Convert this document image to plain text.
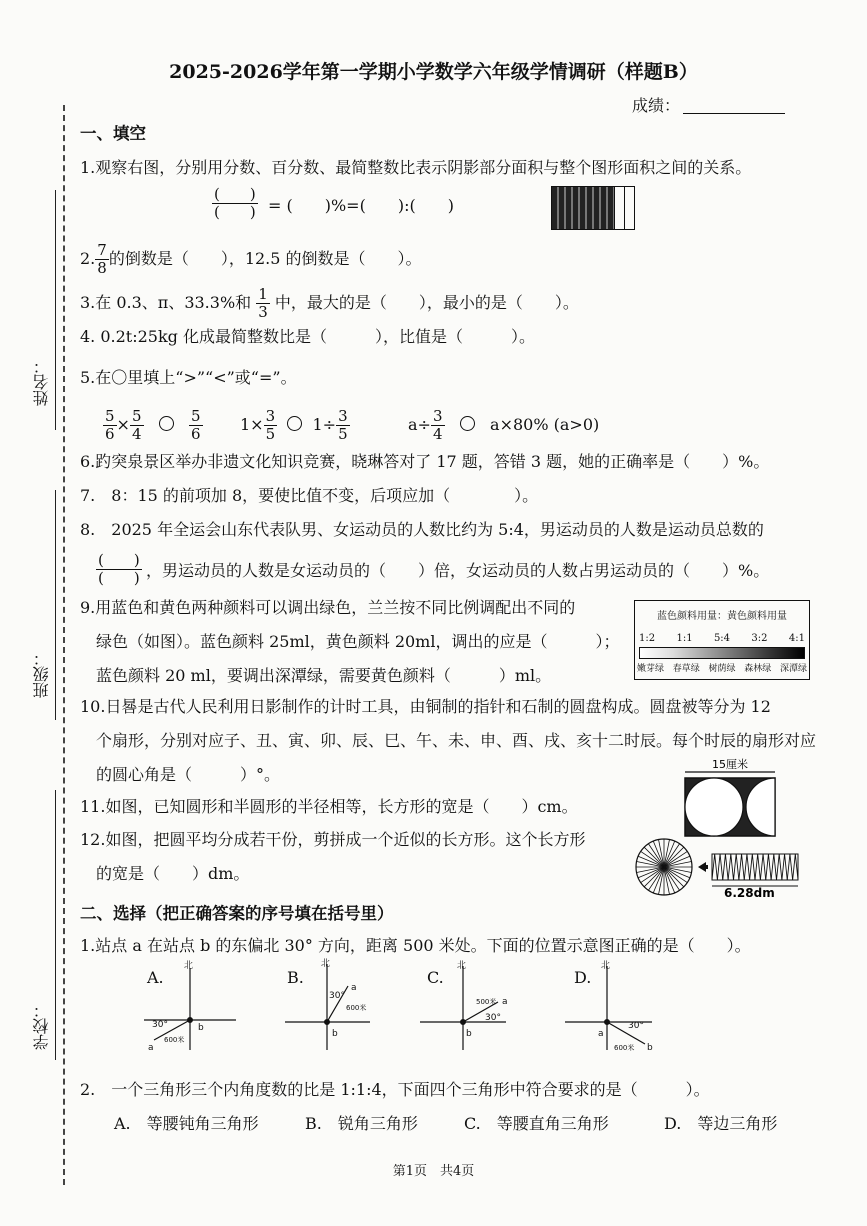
姓名：
班级：
学校：
2025-2026学年第一学期小学数学六年级学情调研（样题B）
成绩：
一、填空
1.观察右图，分别用分数、百分数、最简整数比表示阴影部分面积与整个图形面积之间的关系。
$\frac{( )}{( )}$ = (　　)%=(　　):(　　)
2. $\frac{7}{8}$ 的倒数是（　　），12.5 的倒数是（　　）。
3.在 0.3、π、33.3%和 $\frac{1}{3}$ 中，最大的是（　　），最小的是（　　）。
4. 0.2t:25kg 化成最简整数比是（　　　），比值是（　　　）。
5.在〇里填上“>”“<”或“=”。
$\frac{5}{6} \times \frac{5}{4}$
	$\frac{5}{6} 1\times \frac{3}{5} 1\div \frac{3}{5}$	$a\div \frac{3}{4}$	a×80% (a>0)
6.趵突泉景区举办非遗文化知识竞赛，晓琳答对了 17 题，答错 3 题，她的正确率是（　　）%。
7.　8：15 的前项加 8，要使比值不变，后项应加（　　　　）。
8.　2025 年全运会山东代表队男、女运动员的人数比约为 5:4，男运动员的人数是运动员总数的
$\frac{( )}{( )}$ ，男运动员的人数是女运动员的（　　）倍，女运动员的人数占男运动员的（　　）%。
9.用蓝色和黄色两种颜料可以调出绿色，兰兰按不同比例调配出不同的
绿色（如图）。蓝色颜料 25ml，黄色颜料 20ml，调出的应是（　　　）；
蓝色颜料 20 ml，要调出深潭绿，需要黄色颜料（　　　）ml。
蓝色颜料用量：黄色颜料用量
1:2 1:1 5:4 3:2 4:1
嫩芽绿 春草绿 树荫绿 森林绿 深潭绿
10.日晷是古代人民利用日影制作的计时工具，由铜制的指针和石制的圆盘构成。圆盘被等分为 12
个扇形，分别对应子、丑、寅、卯、辰、巳、午、未、申、酉、戌、亥十二时辰。每个时辰的扇形对应
的圆心角是（　　　）°。
15厘米
11.如图，已知圆形和半圆形的半径相等，长方形的宽是（　　）cm。
12.如图，把圆平均分成若干份，剪拼成一个近似的长方形。这个长方形
的宽是（　　）dm。
6.28dm
二、选择（把正确答案的序号填在括号里）
1.站点 a 在站点 b 的东偏北 30° 方向，距离 500 米处。下面的位置示意图正确的是（　　）。
A.	B.	C.	D.
北
30°	b
a
600米
北
30°
a
b
600米
北
30°
a
b
500米
北
30°
b
a
600米
2.　一个三角形三个内角度数的比是 1:1:4，下面四个三角形中符合要求的是（　　　）。
A.　等腰钝角三角形	B.　锐角三角形	C.　等腰直角三角形	D.　等边三角形
第1页　共4页
